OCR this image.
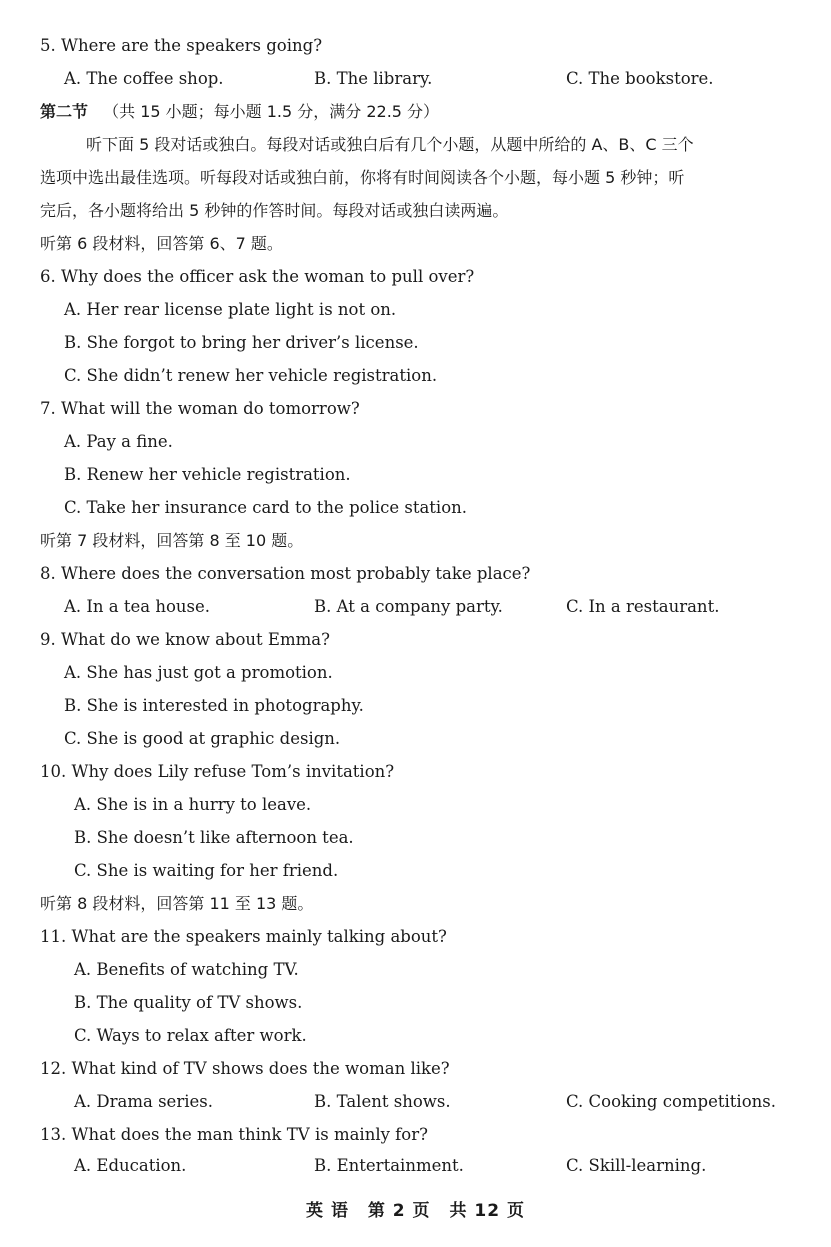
5. Where are the speakers going?
A. The coffee shop.	B. The library.	C. The bookstore.
第二节 （共 15 小题；每小题 1.5 分，满分 22.5 分）
听下面 5 段对话或独白。每段对话或独白后有几个小题，从题中所给的 A、B、C 三个
选项中选出最佳选项。听每段对话或独白前，你将有时间阅读各个小题，每小题 5 秒钟；听
完后，各小题将给出 5 秒钟的作答时间。每段对话或独白读两遍。
听第 6 段材料，回答第 6、7 题。
6. Why does the officer ask the woman to pull over?
A. Her rear license plate light is not on.
B. She forgot to bring her driver’s license.
C. She didn’t renew her vehicle registration.
7. What will the woman do tomorrow?
A. Pay a fine.
B. Renew her vehicle registration.
C. Take her insurance card to the police station.
听第 7 段材料，回答第 8 至 10 题。
8. Where does the conversation most probably take place?
A. In a tea house.	B. At a company party.	C. In a restaurant.
9. What do we know about Emma?
A. She has just got a promotion.
B. She is interested in photography.
C. She is good at graphic design.
10. Why does Lily refuse Tom’s invitation?
A. She is in a hurry to leave.
B. She doesn’t like afternoon tea.
C. She is waiting for her friend.
听第 8 段材料，回答第 11 至 13 题。
11. What are the speakers mainly talking about?
A. Benefits of watching TV.
B. The quality of TV shows.
C. Ways to relax after work.
12. What kind of TV shows does the woman like?
A. Drama series.	B. Talent shows.	C. Cooking competitions.
13. What does the man think TV is mainly for?
A. Education.	B. Entertainment.	C. Skill-learning.
英 语 第 2 页 共 12 页
